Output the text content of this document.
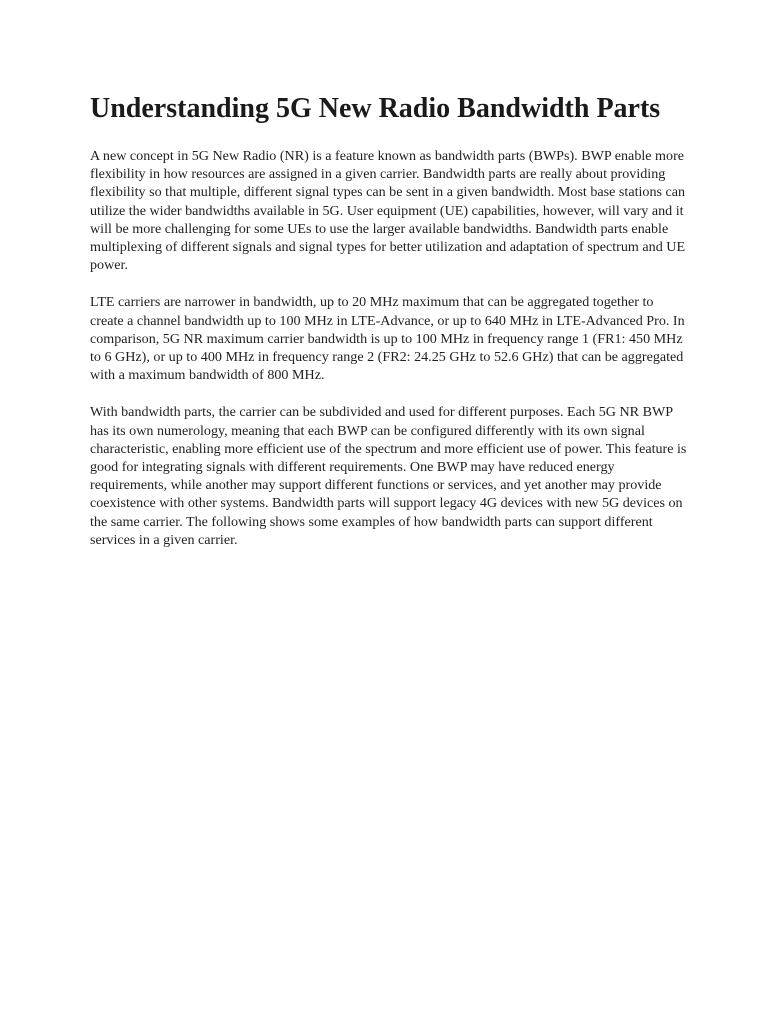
Understanding 5G New Radio Bandwidth Parts

A new concept in 5G New Radio (NR) is a feature known as bandwidth parts (BWPs). BWP enable more flexibility in how resources are assigned in a given carrier. Bandwidth parts are really about providing flexibility so that multiple, different signal types can be sent in a given bandwidth. Most base stations can utilize the wider bandwidths available in 5G. User equipment (UE) capabilities, however, will vary and it will be more challenging for some UEs to use the larger available bandwidths. Bandwidth parts enable multiplexing of different signals and signal types for better utilization and adaptation of spectrum and UE power.

LTE carriers are narrower in bandwidth, up to 20 MHz maximum that can be aggregated together to create a channel bandwidth up to 100 MHz in LTE-Advance, or up to 640 MHz in LTE-Advanced Pro. In comparison, 5G NR maximum carrier bandwidth is up to 100 MHz in frequency range 1 (FR1: 450 MHz to 6 GHz), or up to 400 MHz in frequency range 2 (FR2: 24.25 GHz to 52.6 GHz) that can be aggregated with a maximum bandwidth of 800 MHz.

With bandwidth parts, the carrier can be subdivided and used for different purposes. Each 5G NR BWP has its own numerology, meaning that each BWP can be configured differently with its own signal characteristic, enabling more efficient use of the spectrum and more efficient use of power. This feature is good for integrating signals with different requirements. One BWP may have reduced energy requirements, while another may support different functions or services, and yet another may provide coexistence with other systems. Bandwidth parts will support legacy 4G devices with new 5G devices on the same carrier. The following shows some examples of how bandwidth parts can support different services in a given carrier.
